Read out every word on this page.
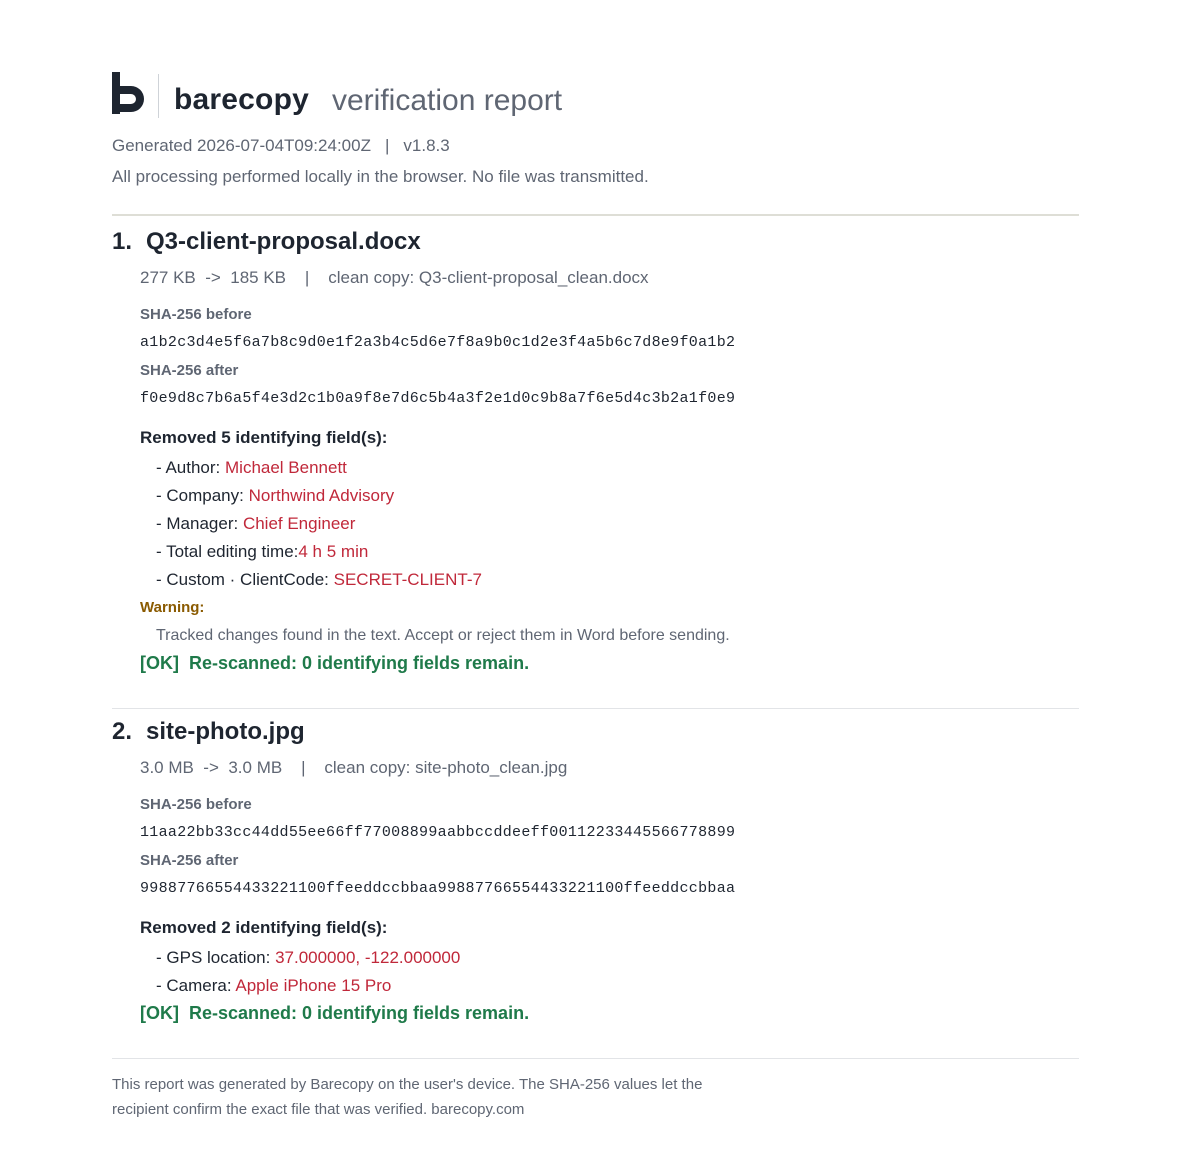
barecopy verification report
Generated 2026-07-04T09:24:00Z | v1.8.3
All processing performed locally in the browser. No file was transmitted.
1. Q3-client-proposal.docx
277 KB  ->  185 KB    |    clean copy: Q3-client-proposal_clean.docx
SHA-256 before
a1b2c3d4e5f6a7b8c9d0e1f2a3b4c5d6e7f8a9b0c1d2e3f4a5b6c7d8e9f0a1b2
SHA-256 after
f0e9d8c7b6a5f4e3d2c1b0a9f8e7d6c5b4a3f2e1d0c9b8a7f6e5d4c3b2a1f0e9
Removed 5 identifying field(s):
- Author: Michael Bennett
- Company: Northwind Advisory
- Manager: Chief Engineer
- Total editing time:4 h 5 min
- Custom · ClientCode: SECRET-CLIENT-7
Warning:
Tracked changes found in the text. Accept or reject them in Word before sending.
[OK]  Re-scanned: 0 identifying fields remain.
2. site-photo.jpg
3.0 MB  ->  3.0 MB    |    clean copy: site-photo_clean.jpg
SHA-256 before
11aa22bb33cc44dd55ee66ff77008899aabbccddeeff00112233445566778899
SHA-256 after
99887766554433221100ffeeddccbbaa99887766554433221100ffeeddccbbaa
Removed 2 identifying field(s):
- GPS location: 37.000000, -122.000000
- Camera: Apple iPhone 15 Pro
[OK]  Re-scanned: 0 identifying fields remain.
This report was generated by Barecopy on the user's device. The SHA-256 values let the recipient confirm the exact file that was verified. barecopy.com
